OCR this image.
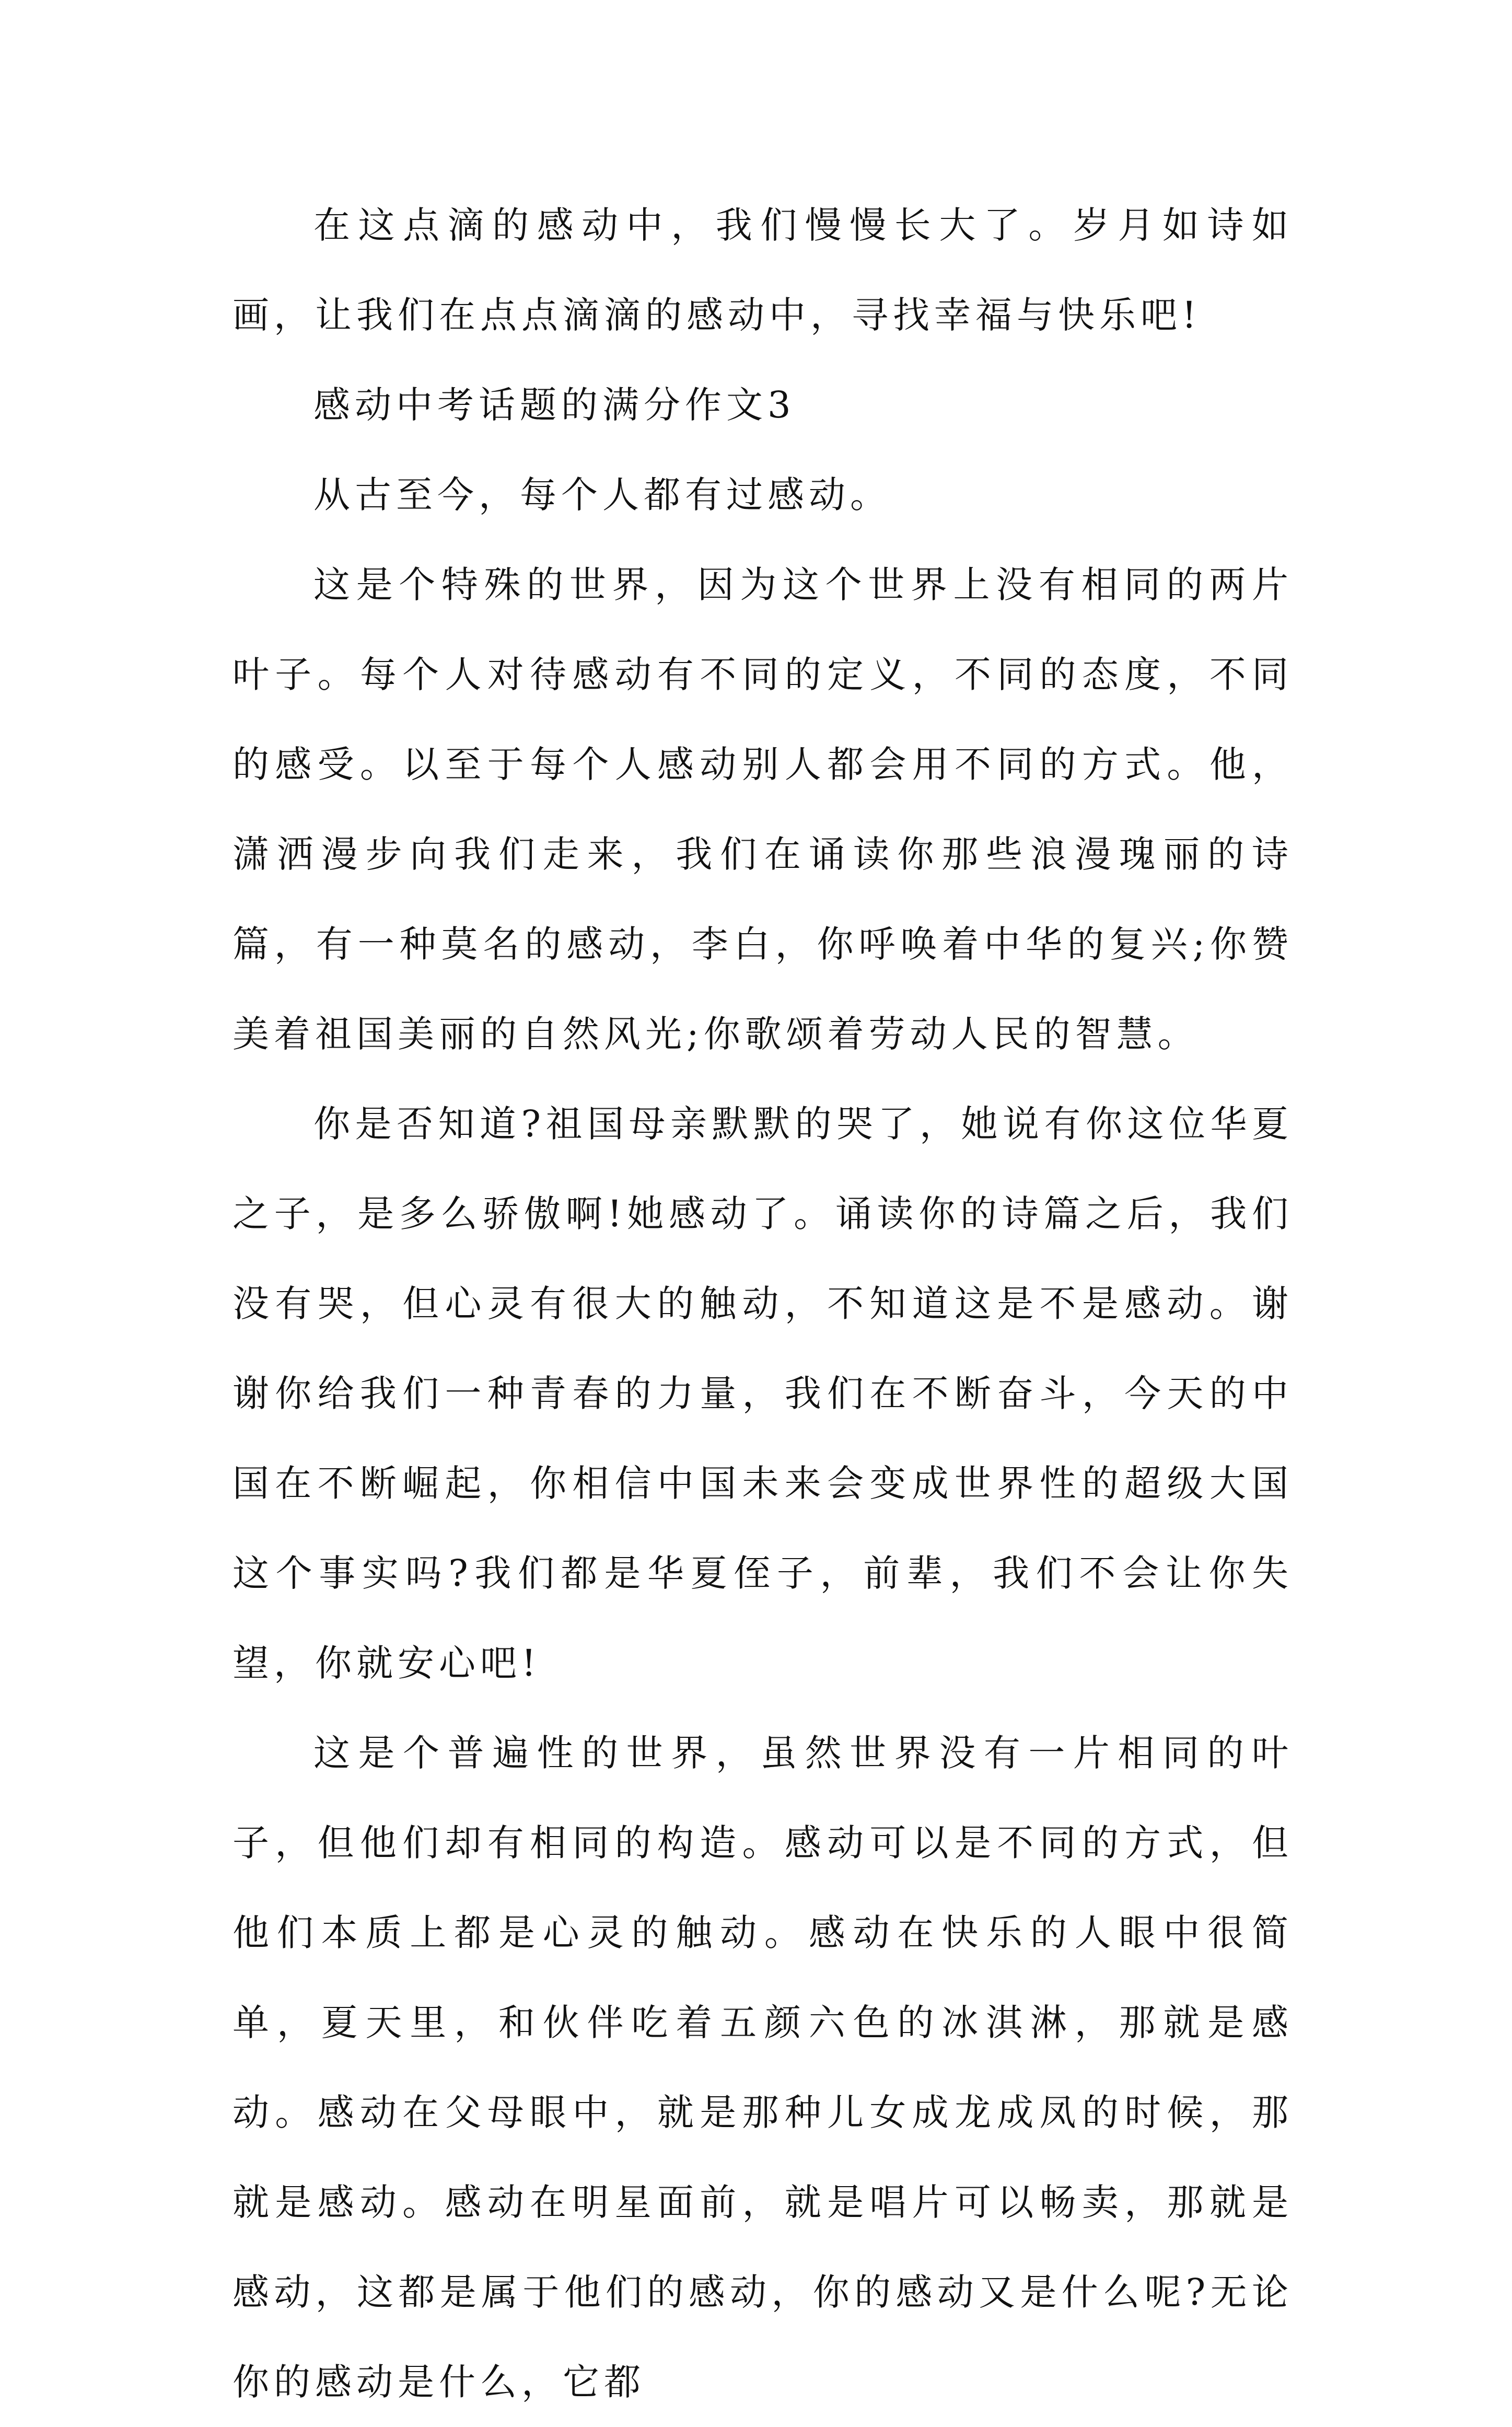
在这点滴的感动中，我们慢慢长大了。岁月如诗如画，让我们在点点滴滴的感动中，寻找幸福与快乐吧!

感动中考话题的满分作文3

从古至今，每个人都有过感动。

这是个特殊的世界，因为这个世界上没有相同的两片叶子。每个人对待感动有不同的定义，不同的态度，不同的感受。以至于每个人感动别人都会用不同的方式。他，潇洒漫步向我们走来，我们在诵读你那些浪漫瑰丽的诗篇，有一种莫名的感动，李白，你呼唤着中华的复兴;你赞美着祖国美丽的自然风光;你歌颂着劳动人民的智慧。

你是否知道?祖国母亲默默的哭了，她说有你这位华夏之子，是多么骄傲啊!她感动了。诵读你的诗篇之后，我们没有哭，但心灵有很大的触动，不知道这是不是感动。谢谢你给我们一种青春的力量，我们在不断奋斗，今天的中国在不断崛起，你相信中国未来会变成世界性的超级大国这个事实吗?我们都是华夏侄子，前辈，我们不会让你失望，你就安心吧!

这是个普遍性的世界，虽然世界没有一片相同的叶子，但他们却有相同的构造。感动可以是不同的方式，但他们本质上都是心灵的触动。感动在快乐的人眼中很简单，夏天里，和伙伴吃着五颜六色的冰淇淋，那就是感动。感动在父母眼中，就是那种儿女成龙成凤的时候，那就是感动。感动在明星面前，就是唱片可以畅卖，那就是感动，这都是属于他们的感动，你的感动又是什么呢?无论你的感动是什么，它都
